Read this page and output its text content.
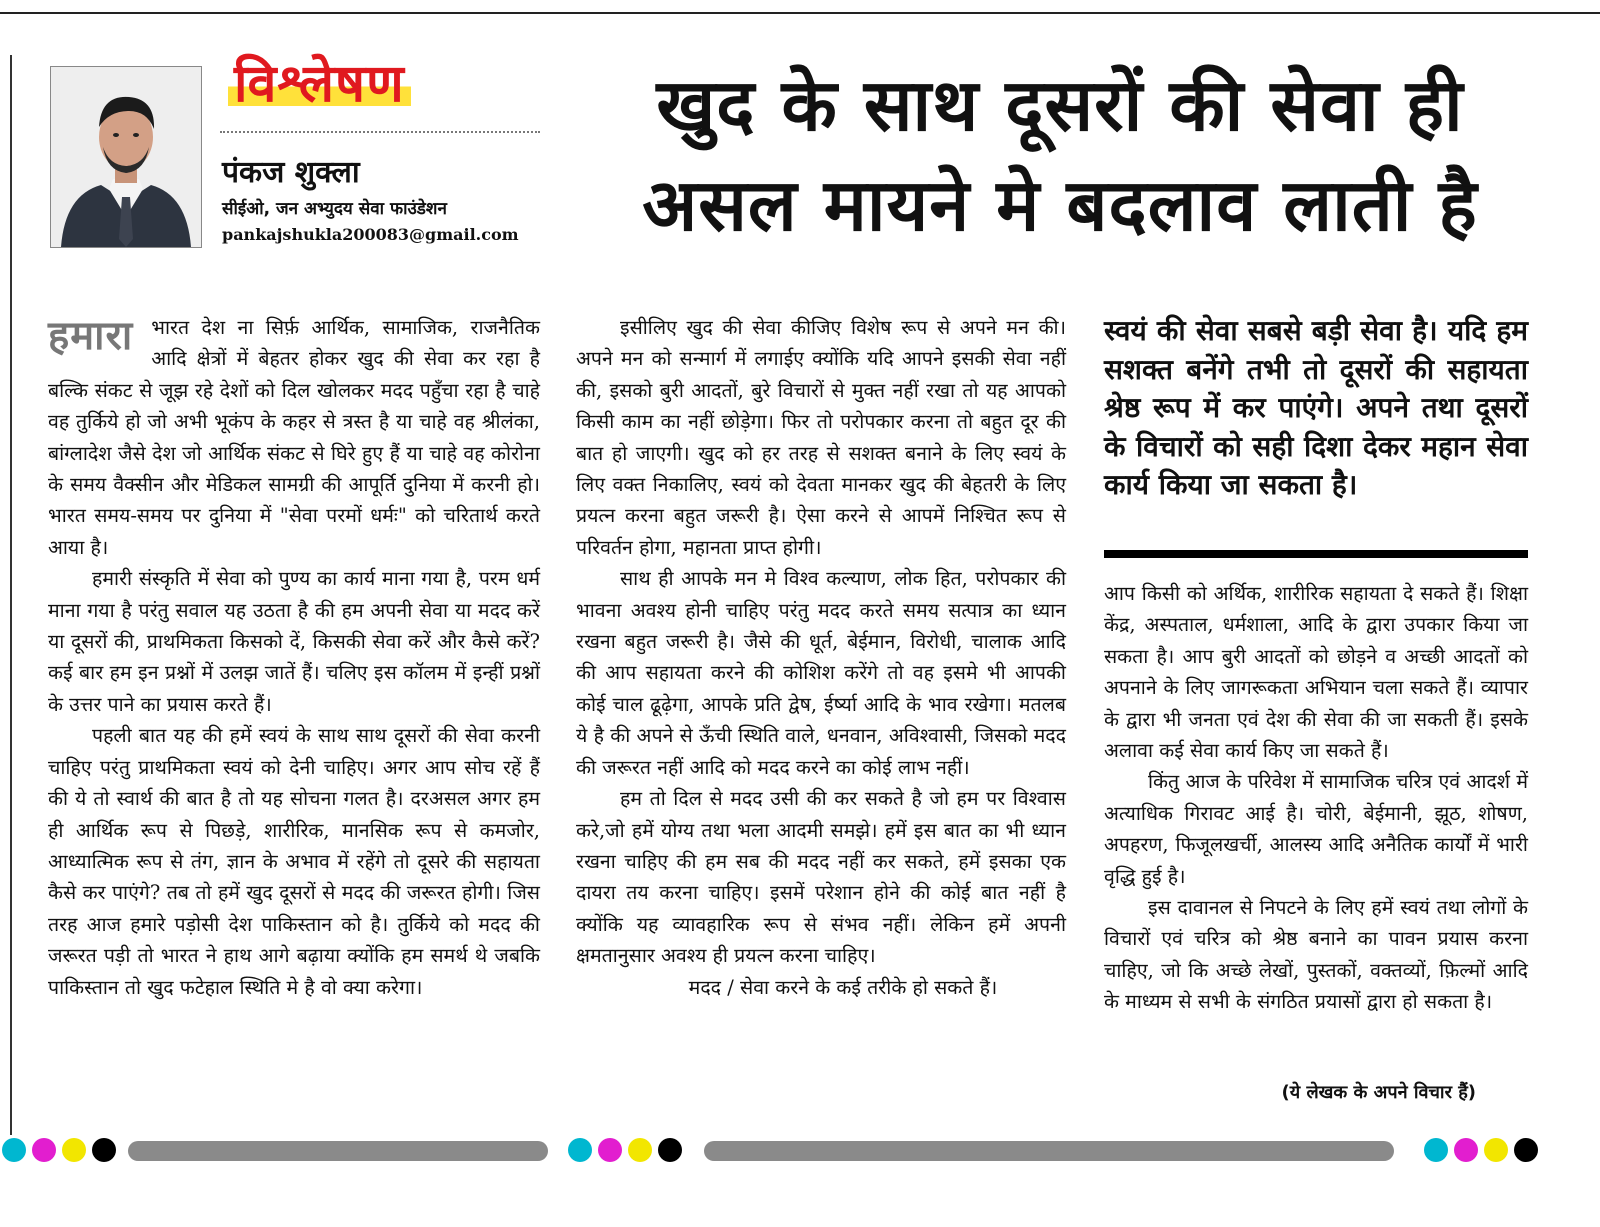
विश्लेषण
पंकज शुक्ला
सीईओ, जन अभ्युदय सेवा फाउंडेशन
pankajshukla200083@gmail.com
खुद के साथ दूसरों की सेवा ही
असल मायने मे बदलाव लाती है

हमारा भारत देश ना सिर्फ़ आर्थिक, सामाजिक, राजनैतिक आदि क्षेत्रों में बेहतर होकर खुद की सेवा कर रहा है बल्कि संकट से जूझ रहे देशों को दिल खोलकर मदद पहुँचा रहा है चाहे वह तुर्किये हो जो अभी भूकंप के कहर से त्रस्त है या चाहे वह श्रीलंका, बांग्लादेश जैसे देश जो आर्थिक संकट से घिरे हुए हैं या चाहे वह कोरोना के समय वैक्सीन और मेडिकल सामग्री की आपूर्ति दुनिया में करनी हो। भारत समय-समय पर दुनिया में "सेवा परमों धर्मः" को चरितार्थ करते आया है।

हमारी संस्कृति में सेवा को पुण्य का कार्य माना गया है, परम धर्म माना गया है परंतु सवाल यह उठता है की हम अपनी सेवा या मदद करें या दूसरों की, प्राथमिकता किसको दें, किसकी सेवा करें और कैसे करें? कई बार हम इन प्रश्नों में उलझ जातें हैं। चलिए इस कॉलम में इन्हीं प्रश्नों के उत्तर पाने का प्रयास करते हैं।

पहली बात यह की हमें स्वयं के साथ साथ दूसरों की सेवा करनी चाहिए परंतु प्राथमिकता स्वयं को देनी चाहिए। अगर आप सोच रहें हैं की ये तो स्वार्थ की बात है तो यह सोचना गलत है। दरअसल अगर हम ही आर्थिक रूप से पिछड़े, शारीरिक, मानसिक रूप से कमजोर, आध्यात्मिक रूप से तंग, ज्ञान के अभाव में रहेंगे तो दूसरे की सहायता कैसे कर पाएंगे? तब तो हमें खुद दूसरों से मदद की जरूरत होगी। जिस तरह आज हमारे पड़ोसी देश पाकिस्तान को है। तुर्किये को मदद की जरूरत पड़ी तो भारत ने हाथ आगे बढ़ाया क्योंकि हम समर्थ थे जबकि पाकिस्तान तो खुद फटेहाल स्थिति मे है वो क्या करेगा।

इसीलिए खुद की सेवा कीजिए विशेष रूप से अपने मन की। अपने मन को सन्मार्ग में लगाईए क्योंकि यदि आपने इसकी सेवा नहीं की, इसको बुरी आदतों, बुरे विचारों से मुक्त नहीं रखा तो यह आपको किसी काम का नहीं छोड़ेगा। फिर तो परोपकार करना तो बहुत दूर की बात हो जाएगी। खुद को हर तरह से सशक्त बनाने के लिए स्वयं के लिए वक्त निकालिए, स्वयं को देवता मानकर खुद की बेहतरी के लिए प्रयत्न करना बहुत जरूरी है। ऐसा करने से आपमें निश्चित रूप से परिवर्तन होगा, महानता प्राप्त होगी।

साथ ही आपके मन मे विश्व कल्याण, लोक हित, परोपकार की भावना अवश्य होनी चाहिए परंतु मदद करते समय सत्पात्र का ध्यान रखना बहुत जरूरी है। जैसे की धूर्त, बेईमान, विरोधी, चालाक आदि की आप सहायता करने की कोशिश करेंगे तो वह इसमे भी आपकी कोई चाल ढूढ़ेगा, आपके प्रति द्वेष, ईर्ष्या आदि के भाव रखेगा। मतलब ये है की अपने से ऊँची स्थिति वाले, धनवान, अविश्वासी, जिसको मदद की जरूरत नहीं आदि को मदद करने का कोई लाभ नहीं।

हम तो दिल से मदद उसी की कर सकते है जो हम पर विश्वास करे,जो हमें योग्य तथा भला आदमी समझे। हमें इस बात का भी ध्यान रखना चाहिए की हम सब की मदद नहीं कर सकते, हमें इसका एक दायरा तय करना चाहिए। इसमें परेशान होने की कोई बात नहीं है क्योंकि यह व्यावहारिक रूप से संभव नहीं। लेकिन हमें अपनी क्षमतानुसार अवश्य ही प्रयत्न करना चाहिए।

मदद / सेवा करने के कई तरीके हो सकते हैं।

स्वयं की सेवा सबसे बड़ी सेवा है। यदि हम सशक्त बनेंगे तभी तो दूसरों की सहायता श्रेष्ठ रूप में कर पाएंगे। अपने तथा दूसरों के विचारों को सही दिशा देकर महान सेवा कार्य किया जा सकता है।

आप किसी को अर्थिक, शारीरिक सहायता दे सकते हैं। शिक्षा केंद्र, अस्पताल, धर्मशाला, आदि के द्वारा उपकार किया जा सकता है। आप बुरी आदतों को छोड़ने व अच्छी आदतों को अपनाने के लिए जागरूकता अभियान चला सकते हैं। व्यापार के द्वारा भी जनता एवं देश की सेवा की जा सकती हैं। इसके अलावा कई सेवा कार्य किए जा सकते हैं।

किंतु आज के परिवेश में सामाजिक चरित्र एवं आदर्श में अत्याधिक गिरावट आई है। चोरी, बेईमानी, झूठ, शोषण, अपहरण, फिजूलखर्ची, आलस्य आदि अनैतिक कार्यों में भारी वृद्धि हुई है।

इस दावानल से निपटने के लिए हमें स्वयं तथा लोगों के विचारों एवं चरित्र को श्रेष्ठ बनाने का पावन प्रयास करना चाहिए, जो कि अच्छे लेखों, पुस्तकों, वक्तव्यों, फ़िल्मों आदि के माध्यम से सभी के संगठित प्रयासों द्वारा हो सकता है।

(ये लेखक के अपने विचार हैं)
